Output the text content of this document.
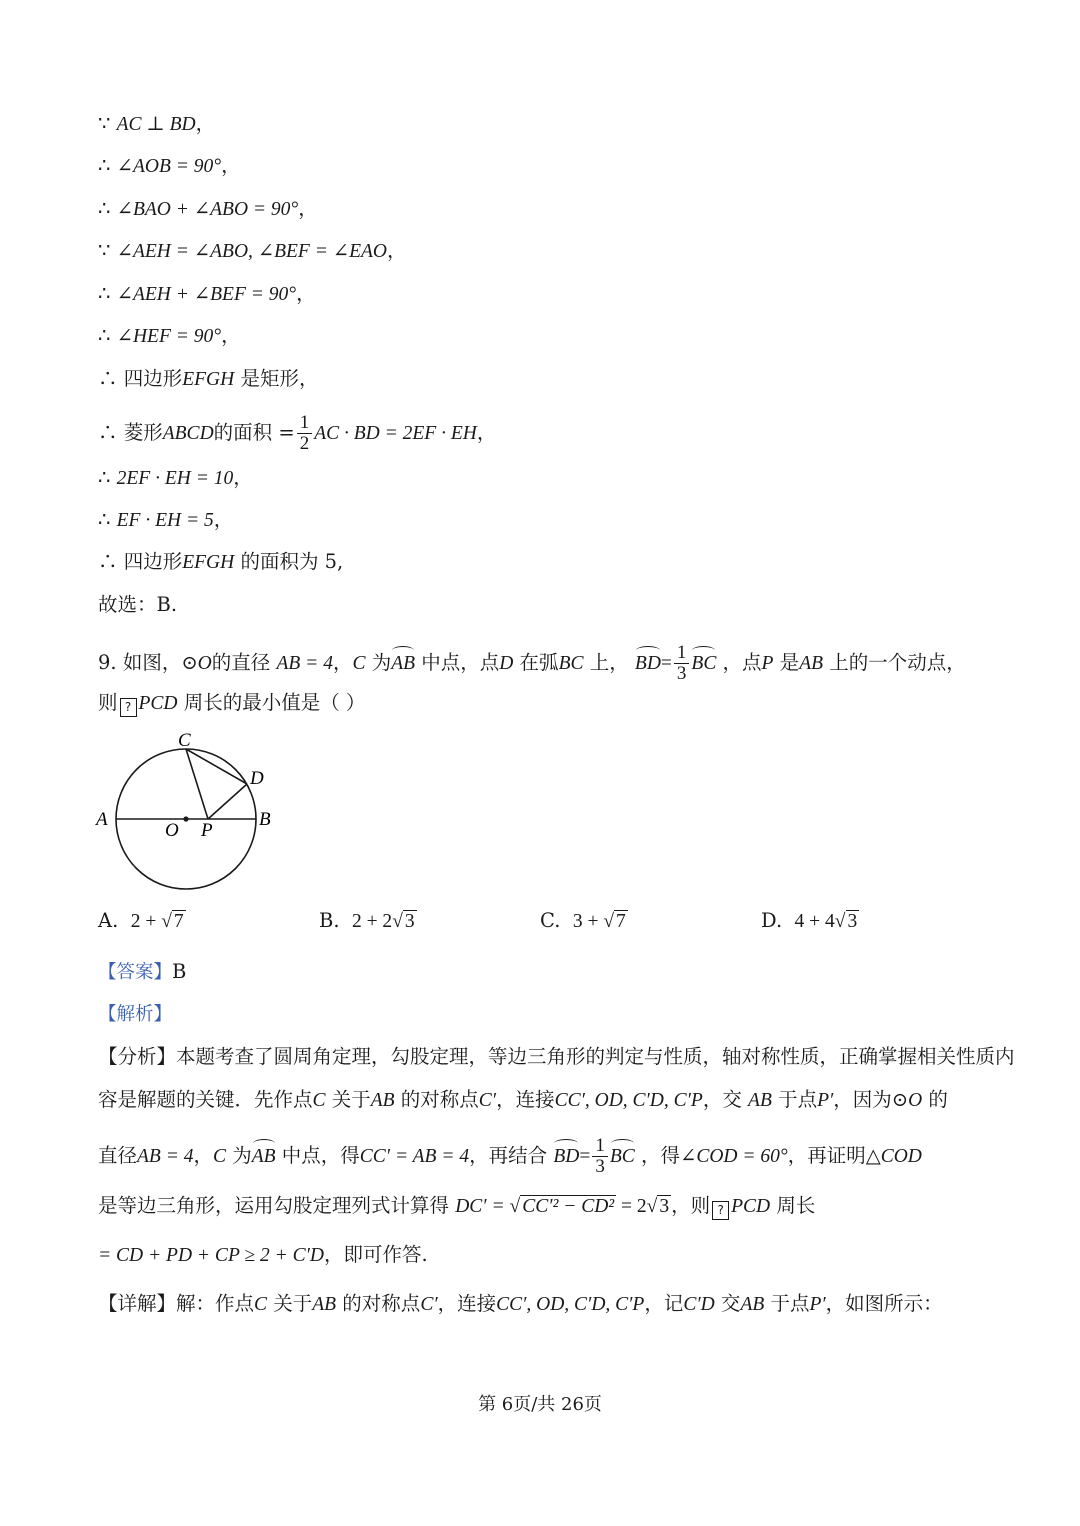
∵ AC ⊥ BD，
∴ ∠AOB = 90°，
∴ ∠BAO + ∠ABO = 90°，
∵ ∠AEH = ∠ABO, ∠BEF = ∠EAO，
∴ ∠AEH + ∠BEF = 90°，
∴ ∠HEF = 90°，
∴ 四边形EFGH 是矩形，
∴ 菱形ABCD的面积 = $\frac{1}{2}$ AC · BD = 2EF · EH，
∴ 2EF · EH = 10，
∴ EF · EH = 5，
∴ 四边形EFGH 的面积为 5,
故选：B.
9. 如图，⊙O的直径 AB = 4，C 为AB 中点，点D 在弧BC 上， $BD= \frac{1}{3}$ BC ，点P 是AB 上的一个动点，
则 ? PCD 周长的最小值是（ ）
C
D
A
O P
B
A. 2 + √ 7	B. 2 + 2√ 3	C. 3 + √ 7	D. 4 + 4√ 3
【答案】B
【解析】
【分析】本题考查了圆周角定理，勾股定理，等边三角形的判定与性质，轴对称性质，正确掌握相关性质内
容是解题的关键．先作点C 关于AB 的对称点C′，连接CC′, OD, C′D, C′P，交 AB 于点P′，因为⊙O 的
直径AB = 4，C 为AB 中点，得CC′ = AB = 4，再结合 $BD= \frac{1}{3}$ BC ，得∠COD = 60°，再证明△COD
是等边三角形，运用勾股定理列式计算得 DC′ = √ CC′² − CD² = 2√ 3 ，则 ? PCD 周长
= CD + PD + CP ≥ 2 + C′D，即可作答.
【详解】解：作点C 关于AB 的对称点C′，连接CC′, OD, C′D, C′P，记C′D 交AB 于点P′，如图所示：
第 6页/共 26页
